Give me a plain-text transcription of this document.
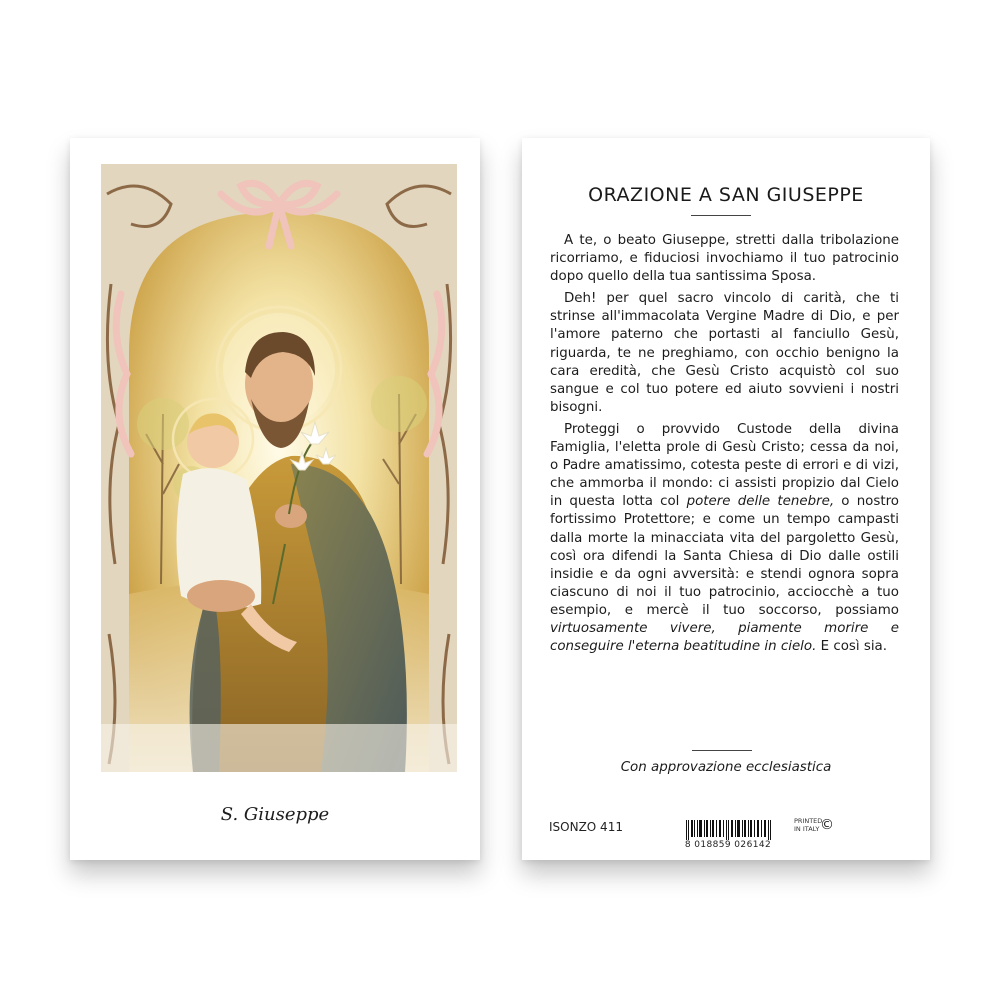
S. Giuseppe
ORAZIONE A SAN GIUSEPPE

A te, o beato Giuseppe, stretti dalla tribolazione ricorriamo, e fiduciosi invochiamo il tuo patrocinio dopo quello della tua santissima Sposa.

Deh! per quel sacro vincolo di carità, che ti strinse all'immacolata Vergine Madre di Dio, e per l'amore paterno che portasti al fanciullo Gesù, riguarda, te ne preghiamo, con occhio benigno la cara eredità, che Gesù Cristo acquistò col suo sangue e col tuo potere ed aiuto sovvieni i nostri bisogni.

Proteggi o provvido Custode della divina Famiglia, l'eletta prole di Gesù Cristo; cessa da noi, o Padre amatissimo, cotesta peste di errori e di vizi, che ammorba il mondo: ci assisti propizio dal Cielo in questa lotta col potere delle tenebre, o nostro fortissimo Protettore; e come un tempo campasti dalla morte la minacciata vita del pargoletto Gesù, così ora difendi la Santa Chiesa di Dio dalle ostili insidie e da ogni avversità: e stendi ognora sopra ciascuno di noi il tuo patrocinio, acciocchè a tuo esempio, e mercè il tuo soccorso, possiamo virtuosamente vivere, piamente morire e conseguire l'eterna beatitudine in cielo. E così sia.

Con approvazione ecclesiastica
ISONZO 411
8 018859 026142
PRINTED
IN ITALY ©
